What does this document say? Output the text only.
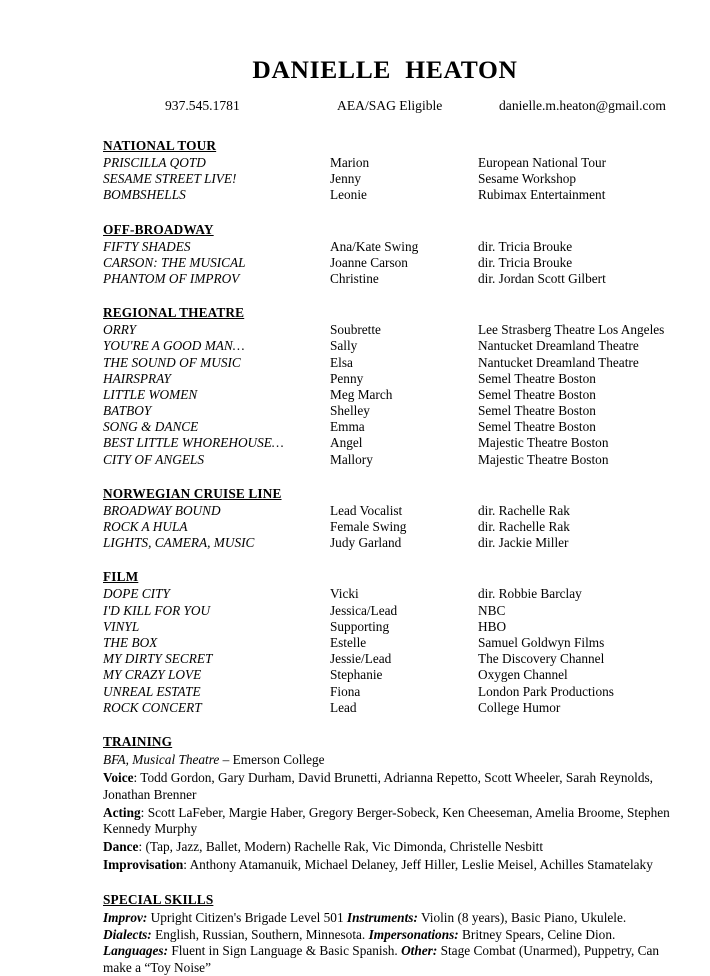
DANIELLE  HEATON
937.545.1781	AEA/SAG Eligible	danielle.m.heaton@gmail.com
NATIONAL TOUR
PRISCILLA QOTD	Marion	European National Tour
SESAME STREET LIVE!	Jenny	Sesame Workshop
BOMBSHELLS	Leonie	Rubimax Entertainment
OFF-BROADWAY
FIFTY SHADES	Ana/Kate Swing	dir. Tricia Brouke
CARSON: THE MUSICAL	Joanne Carson	dir. Tricia Brouke
PHANTOM OF IMPROV	Christine	dir. Jordan Scott Gilbert
REGIONAL THEATRE
ORRY	Soubrette	Lee Strasberg Theatre Los Angeles
YOU'RE A GOOD MAN…	Sally	Nantucket Dreamland Theatre
THE SOUND OF MUSIC	Elsa	Nantucket Dreamland Theatre
HAIRSPRAY	Penny	Semel Theatre Boston
LITTLE WOMEN	Meg March	Semel Theatre Boston
BATBOY	Shelley	Semel Theatre Boston
SONG & DANCE	Emma	Semel Theatre Boston
BEST LITTLE WHOREHOUSE…	Angel	Majestic Theatre Boston
CITY OF ANGELS	Mallory	Majestic Theatre Boston
NORWEGIAN CRUISE LINE
BROADWAY BOUND	Lead Vocalist	dir. Rachelle Rak
ROCK A HULA	Female Swing	dir. Rachelle Rak
LIGHTS, CAMERA, MUSIC	Judy Garland	dir. Jackie Miller
FILM
DOPE CITY	Vicki	dir. Robbie Barclay
I'D KILL FOR YOU	Jessica/Lead	NBC
VINYL	Supporting	HBO
THE BOX	Estelle	Samuel Goldwyn Films
MY DIRTY SECRET	Jessie/Lead	The Discovery Channel
MY CRAZY LOVE	Stephanie	Oxygen Channel
UNREAL ESTATE	Fiona	London Park Productions
ROCK CONCERT	Lead	College Humor
TRAINING

BFA, Musical Theatre – Emerson College

Voice: Todd Gordon, Gary Durham, David Brunetti, Adrianna Repetto, Scott Wheeler, Sarah Reynolds, Jonathan Brenner

Acting: Scott LaFeber, Margie Haber, Gregory Berger-Sobeck, Ken Cheeseman, Amelia Broome, Stephen Kennedy Murphy

Dance: (Tap, Jazz, Ballet, Modern) Rachelle Rak, Vic Dimonda, Christelle Nesbitt

Improvisation: Anthony Atamanuik, Michael Delaney, Jeff Hiller, Leslie Meisel, Achilles Stamatelaky

SPECIAL SKILLS

Improv: Upright Citizen's Brigade Level 501 Instruments: Violin (8 years), Basic Piano, Ukulele. Dialects: English, Russian, Southern, Minnesota. Impersonations: Britney Spears, Celine Dion. Languages: Fluent in Sign Language & Basic Spanish. Other: Stage Combat (Unarmed), Puppetry, Can make a “Toy Noise”
